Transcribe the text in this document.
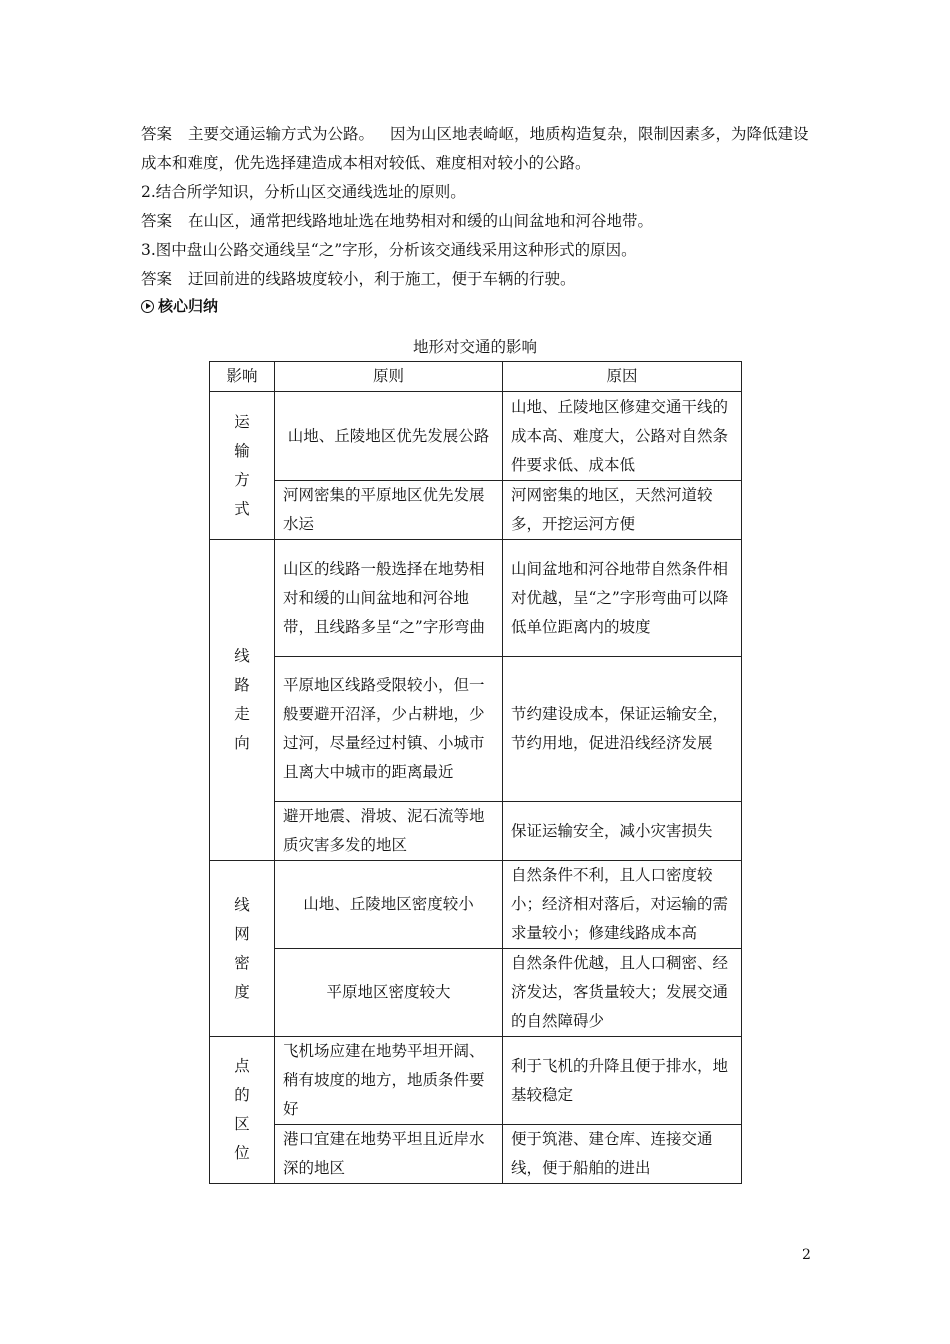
答案 主要交通运输方式为公路。 因为山区地表崎岖，地质构造复杂，限制因素多，为降低建设成本和难度，优先选择建造成本相对较低、难度相对较小的公路。

2.结合所学知识，分析山区交通线选址的原则。

答案 在山区，通常把线路地址选在地势相对和缓的山间盆地和河谷地带。

3.图中盘山公路交通线呈“之”字形，分析该交通线采用这种形式的原因。

答案 迂回前进的线路坡度较小，利于施工，便于车辆的行驶。

核心归纳
地形对交通的影响
影响	原则	原因
运输方式	山地、丘陵地区优先发展公路	山地、丘陵地区修建交通干线的成本高、难度大，公路对自然条件要求低、成本低
	河网密集的平原地区优先发展水运	河网密集的地区，天然河道较多，开挖运河方便
线路走向	山区的线路一般选择在地势相对和缓的山间盆地和河谷地带，且线路多呈“之”字形弯曲	山间盆地和河谷地带自然条件相对优越，呈“之”字形弯曲可以降低单位距离内的坡度
	平原地区线路受限较小，但一般要避开沼泽，少占耕地，少过河，尽量经过村镇、小城市且离大中城市的距离最近	节约建设成本，保证运输安全，节约用地，促进沿线经济发展
	避开地震、滑坡、泥石流等地质灾害多发的地区	保证运输安全，减小灾害损失
线网密度	山地、丘陵地区密度较小	自然条件不利，且人口密度较小；经济相对落后，对运输的需求量较小；修建线路成本高
	平原地区密度较大	自然条件优越，且人口稠密、经济发达，客货量较大；发展交通的自然障碍少
点的区位	飞机场应建在地势平坦开阔、稍有坡度的地方，地质条件要好	利于飞机的升降且便于排水，地基较稳定
	港口宜建在地势平坦且近岸水深的地区	便于筑港、建仓库、连接交通线，便于船舶的进出
2
